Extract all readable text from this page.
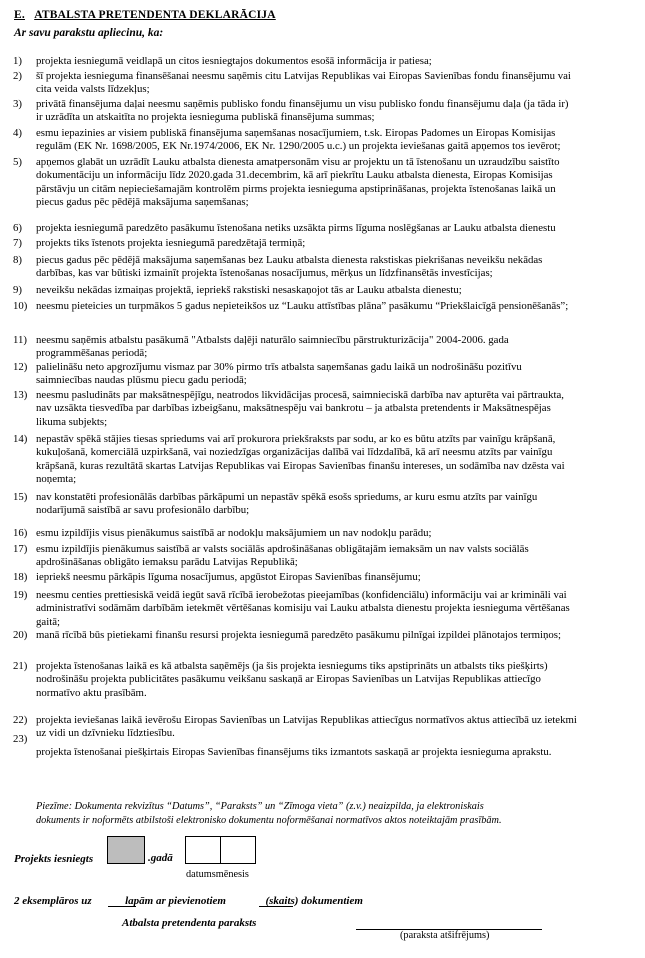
E. ATBALSTA PRETENDENTA DEKLARĀCIJA
Ar savu parakstu apliecinu, ka:
1)	projekta iesniegumā veidlapā un citos iesniegtajos dokumentos esošā informācija ir patiesa;
2)	šī projekta iesnieguma finansēšanai neesmu saņēmis citu Latvijas Republikas vai Eiropas Savienības fondu finansējumu vai
cita veida valsts līdzekļus;
3)	privātā finansējuma daļai neesmu saņēmis publisko fondu finansējumu un visu publisko fondu finansējumu daļa (ja tāda ir)
ir uzrādīta un atskaitīta no projekta iesnieguma publiskā finansējuma summas;
4)	esmu iepazinies ar visiem publiskā finansējuma saņemšanas nosacījumiem, t.sk. Eiropas Padomes un Eiropas Komisijas
regulām (EK Nr. 1698/2005, EK Nr.1974/2006, EK Nr. 1290/2005 u.c.) un projekta ieviešanas gaitā apņemos tos ievērot;
5)	apņemos glabāt un uzrādīt Lauku atbalsta dienesta amatpersonām visu ar projektu un tā īstenošanu un uzraudzību saistīto
dokumentāciju un informāciju līdz 2020.gada 31.decembrim, kā arī piekrītu Lauku atbalsta dienesta, Eiropas Komisijas
pārstāvju un citām nepieciešamajām kontrolēm pirms projekta iesnieguma apstiprināšanas, projekta īstenošanas laikā un
piecus gadus pēc pēdējā maksājuma saņemšanas;
6)	projekta iesniegumā paredzēto pasākumu īstenošana netiks uzsākta pirms līguma noslēgšanas ar Lauku atbalsta dienestu
7)	projekts tiks īstenots projekta iesniegumā paredzētajā termiņā;
8)	piecus gadus pēc pēdējā maksājuma saņemšanas bez Lauku atbalsta dienesta rakstiskas piekrišanas neveikšu nekādas
darbības, kas var būtiski izmainīt projekta īstenošanas nosacījumus, mērķus un līdzfinansētās investīcijas;
9)	neveikšu nekādas izmaiņas projektā, iepriekš rakstiski nesaskaņojot tās ar Lauku atbalsta dienestu;
10) neesmu pieteicies un turpmākos 5 gadus nepieteikšos uz “Lauku attīstības plāna” pasākumu “Priekšlaicīgā pensionēšanās”;
11) neesmu saņēmis atbalstu pasākumā "Atbalsts daļēji naturālo saimniecību pārstrukturizācija" 2004-2006. gada
programmēšanas periodā;
12) palielināšu neto apgrozījumu vismaz par 30% pirmo trīs atbalsta saņemšanas gadu laikā un nodrošināšu pozitīvu
saimniecības naudas plūsmu piecu gadu periodā;
13) neesmu pasludināts par maksātnespējīgu, neatrodos likvidācijas procesā, saimnieciskā darbība nav apturēta vai pārtraukta,
nav uzsākta tiesvedība par darbības izbeigšanu, maksātnespēju vai bankrotu – ja atbalsta pretendents ir Maksātnespējas
likuma subjekts;
14) nepastāv spēkā stājies tiesas spriedums vai arī prokurora priekšraksts par sodu, ar ko es būtu atzīts par vainīgu krāpšanā,
kukuļošanā, komerciālā uzpirkšanā, vai noziedzīgas organizācijas dalībā vai līdzdalībā, kā arī neesmu atzīts par vainīgu
krāpšanā, kuras rezultātā skartas Latvijas Republikas vai Eiropas Savienības finanšu intereses, un sodāmība nav dzēsta vai
noņemta;
15) nav konstatēti profesionālās darbības pārkāpumi un nepastāv spēkā esošs spriedums, ar kuru esmu atzīts par vainīgu
nodarījumā saistībā ar savu profesionālo darbību;
16) esmu izpildījis visus pienākumus saistībā ar nodokļu maksājumiem un nav nodokļu parādu;
17) esmu izpildījis pienākumus saistībā ar valsts sociālās apdrošināšanas obligātajām iemaksām un nav valsts sociālās
apdrošināšanas obligāto iemaksu parādu Latvijas Republikā;
18) iepriekš neesmu pārkāpis līguma nosacījumus, apgūstot Eiropas Savienības finansējumu;
19) neesmu centies prettiesiskā veidā iegūt savā rīcībā ierobežotas pieejamības (konfidenciālu) informāciju vai ar krimināli vai
administratīvi sodāmām darbībām ietekmēt vērtēšanas komisiju vai Lauku atbalsta dienestu projekta iesnieguma vērtēšanas
gaitā;
20) manā rīcībā būs pietiekami finanšu resursi projekta iesniegumā paredzēto pasākumu pilnīgai izpildei plānotajos termiņos;
21) projekta īstenošanas laikā es kā atbalsta saņēmējs (ja šis projekta iesniegums tiks apstiprināts un atbalsts tiks piešķirts)
nodrošināšu projekta publicitātes pasākumu veikšanu saskaņā ar Eiropas Savienības un Latvijas Republikas attiecīgo
normatīvo aktu prasībām.
22) projekta ieviešanas laikā ievērošu Eiropas Savienības un Latvijas Republikas attiecīgus normatīvos aktus attiecībā uz ietekmi
uz vidi un dzīvnieku līdztiesību.
23)
projekta īstenošanai piešķirtais Eiropas Savienības finansējums tiks izmantots saskaņā ar projekta iesnieguma aprakstu.
Piezīme: Dokumenta rekvizītus “Datums”, “Paraksts” un “Zīmoga vieta” (z.v.) neaizpilda, ja elektroniskais
dokuments ir noformēts atbilstoši elektronisko dokumentu noformēšanai normatīvos aktos noteiktajām prasībām.
Projekts iesniegts	.gadā
datumsmēnesis
2 eksemplāros uz	lapām ar pievienotiem	(skaits) dokumentiem
Atbalsta pretendenta paraksts
(paraksta atšifrējums)
